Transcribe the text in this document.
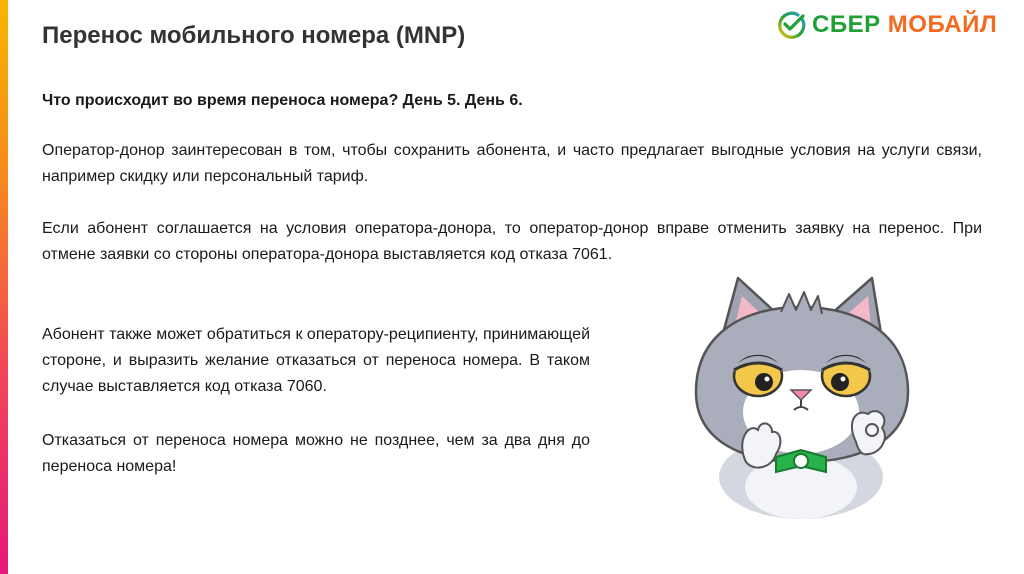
Перенос мобильного номера (MNP)	СБЕР МОБАЙЛ
Что происходит во время переноса номера? День 5. День 6.

Оператор-донор заинтересован в том, чтобы сохранить абонента, и часто предлагает выгодные условия на услуги связи, например скидку или персональный тариф.

Если абонент соглашается на условия оператора-донора, то оператор-донор вправе отменить заявку на перенос. При отмене заявки со стороны оператора-донора выставляется код отказа 7061.

Абонент также может обратиться к оператору-реципиенту, принимающей стороне, и выразить желание отказаться от переноса номера. В таком случае выставляется код отказа 7060.

Отказаться от переноса номера можно не позднее, чем за два дня до переноса номера!
